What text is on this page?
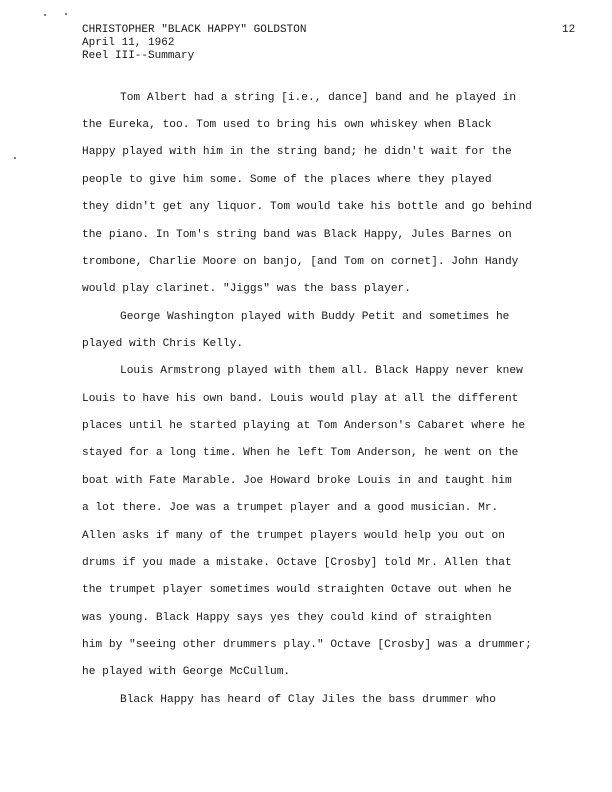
CHRISTOPHER "BLACK HAPPY" GOLDSTON
April 11, 1962
Reel III--Summary
12
Tom Albert had a string [i.e., dance] band and he played in
the Eureka, too. Tom used to bring his own whiskey when Black
Happy played with him in the string band; he didn't wait for the
people to give him some. Some of the places where they played
they didn't get any liquor. Tom would take his bottle and go behind
the piano. In Tom's string band was Black Happy, Jules Barnes on
trombone, Charlie Moore on banjo, [and Tom on cornet]. John Handy
would play clarinet. "Jiggs" was the bass player.
George Washington played with Buddy Petit and sometimes he
played with Chris Kelly.
Louis Armstrong played with them all. Black Happy never knew
Louis to have his own band. Louis would play at all the different
places until he started playing at Tom Anderson's Cabaret where he
stayed for a long time. When he left Tom Anderson, he went on the
boat with Fate Marable. Joe Howard broke Louis in and taught him
a lot there. Joe was a trumpet player and a good musician. Mr.
Allen asks if many of the trumpet players would help you out on
drums if you made a mistake. Octave [Crosby] told Mr. Allen that
the trumpet player sometimes would straighten Octave out when he
was young. Black Happy says yes they could kind of straighten
him by "seeing other drummers play." Octave [Crosby] was a drummer;
he played with George McCullum.
Black Happy has heard of Clay Jiles the bass drummer who
